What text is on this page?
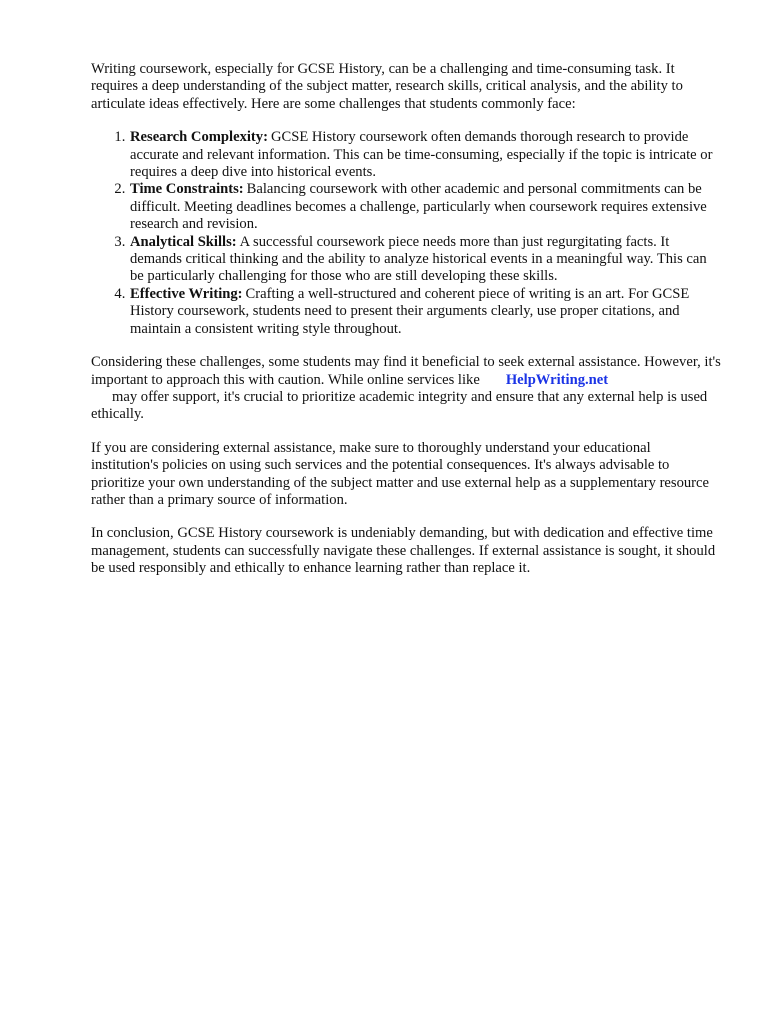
Writing coursework, especially for GCSE History, can be a challenging and time-consuming task. It requires a deep understanding of the subject matter, research skills, critical analysis, and the ability to articulate ideas effectively. Here are some challenges that students commonly face:

1. Research Complexity: GCSE History coursework often demands thorough research to provide accurate and relevant information. This can be time-consuming, especially if the topic is intricate or requires a deep dive into historical events.
2. Time Constraints: Balancing coursework with other academic and personal commitments can be difficult. Meeting deadlines becomes a challenge, particularly when coursework requires extensive research and revision.
3. Analytical Skills: A successful coursework piece needs more than just regurgitating facts. It demands critical thinking and the ability to analyze historical events in a meaningful way. This can be particularly challenging for those who are still developing these skills.
4. Effective Writing: Crafting a well-structured and coherent piece of writing is an art. For GCSE History coursework, students need to present their arguments clearly, use proper citations, and maintain a consistent writing style throughout.

Considering these challenges, some students may find it beneficial to seek external assistance. However, it's important to approach this with caution. While online services like HelpWriting.net
may offer support, it's crucial to prioritize academic integrity and ensure that any external help is used ethically.

If you are considering external assistance, make sure to thoroughly understand your educational institution's policies on using such services and the potential consequences. It's always advisable to prioritize your own understanding of the subject matter and use external help as a supplementary resource rather than a primary source of information.

In conclusion, GCSE History coursework is undeniably demanding, but with dedication and effective time management, students can successfully navigate these challenges. If external assistance is sought, it should be used responsibly and ethically to enhance learning rather than replace it.
